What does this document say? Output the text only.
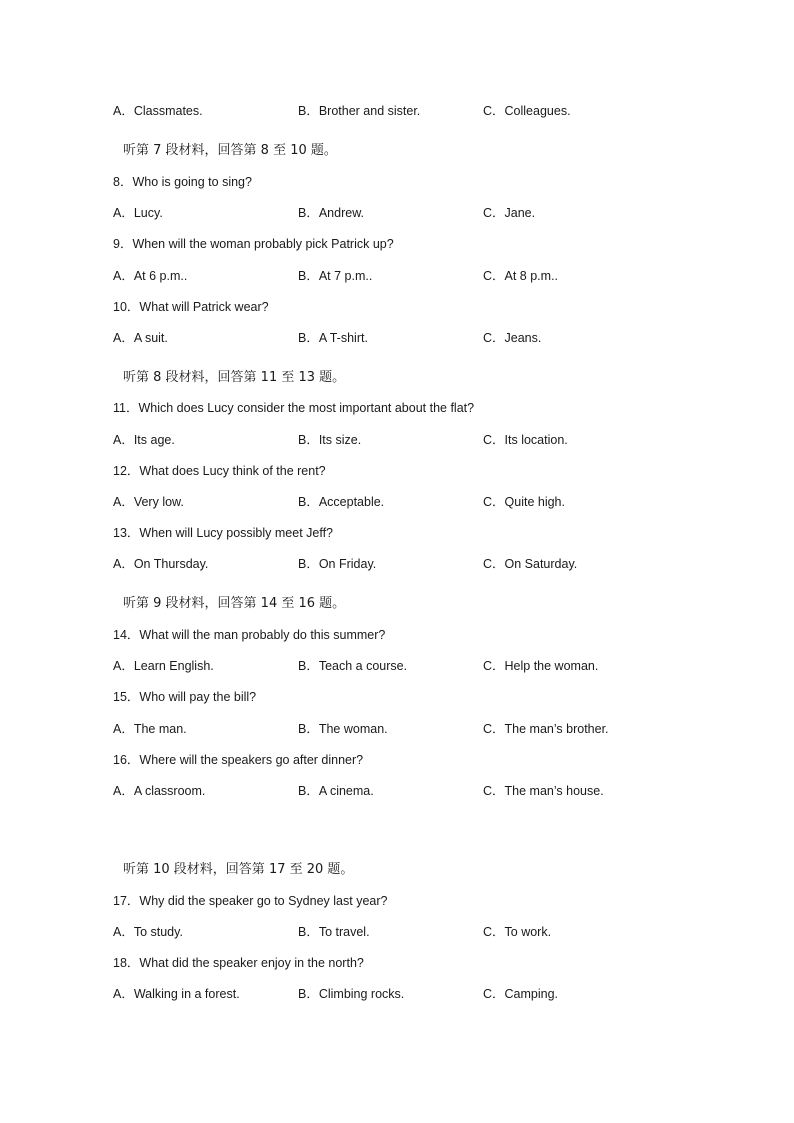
A．Classmates.	B．Brother and sister.	C．Colleagues.
听第 7 段材料，回答第 8 至 10 题。
8．Who is going to sing?
A．Lucy.	B．Andrew.	C．Jane.
9．When will the woman probably pick Patrick up?
A．At 6 p.m..	B．At 7 p.m..	C．At 8 p.m..
10．What will Patrick wear?
A．A suit.	B．A T-shirt.	C．Jeans.
听第 8 段材料，回答第 11 至 13 题。
11．Which does Lucy consider the most important about the flat?
A．Its age.	B．Its size.	C．Its location.
12．What does Lucy think of the rent?
A．Very low.	B．Acceptable.	C．Quite high.
13．When will Lucy possibly meet Jeff?
A．On Thursday.	B．On Friday.	C．On Saturday.
听第 9 段材料，回答第 14 至 16 题。
14．What will the man probably do this summer?
A．Learn English.	B．Teach a course.	C．Help the woman.
15．Who will pay the bill?
A．The man.	B．The woman.	C．The man’s brother.
16．Where will the speakers go after dinner?
A．A classroom.	B．A cinema.	C．The man’s house.
听第 10 段材料，回答第 17 至 20 题。
17．Why did the speaker go to Sydney last year?
A．To study.	B．To travel.	C．To work.
18．What did the speaker enjoy in the north?
A．Walking in a forest.	B．Climbing rocks.	C．Camping.
